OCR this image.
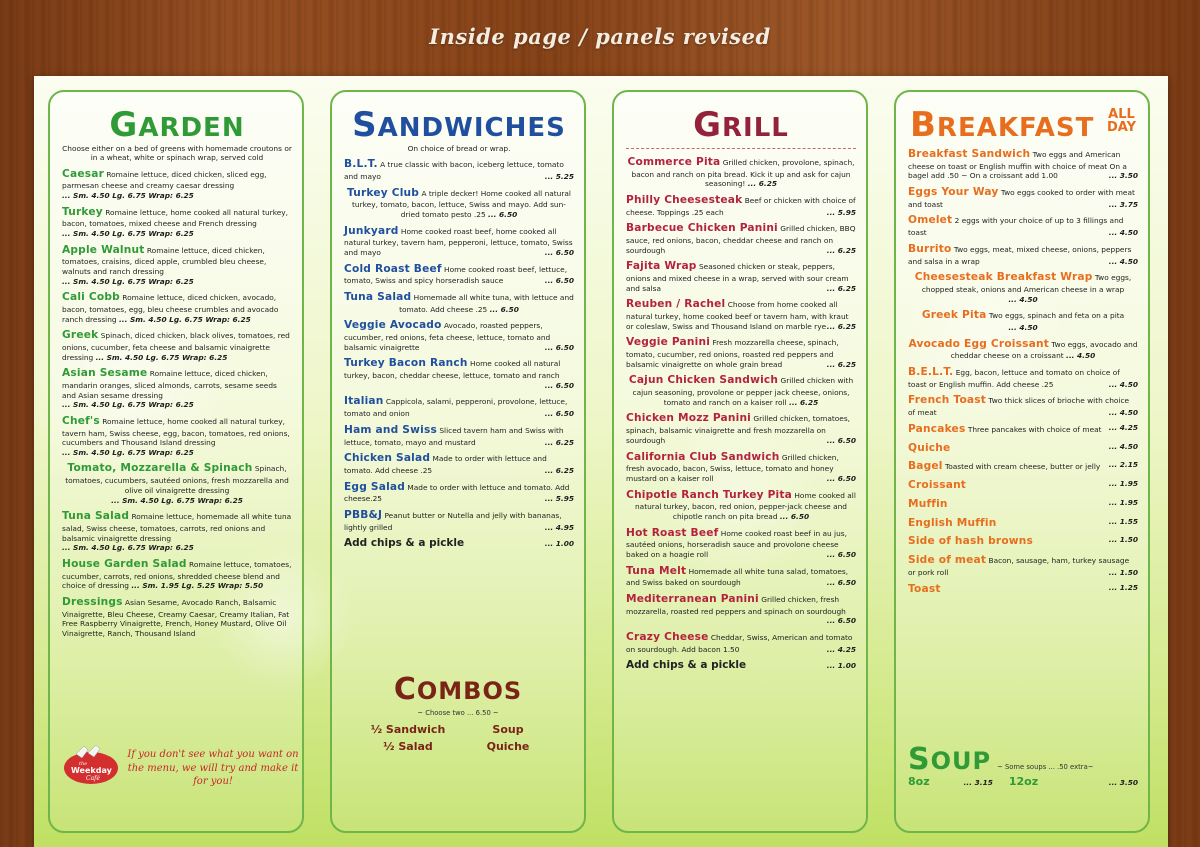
Inside page / panels revised
GARDEN
Choose either on a bed of greens with homemade croutons or in a wheat, white or spinach wrap, served cold
Caesar Romaine lettuce, diced chicken, sliced egg, parmesan cheese and creamy caesar dressing ... Sm. 4.50 Lg. 6.75 Wrap: 6.25
Turkey Romaine lettuce, home cooked all natural turkey, bacon, tomatoes, mixed cheese and French dressing ... Sm. 4.50 Lg. 6.75 Wrap: 6.25
Apple Walnut Romaine lettuce, diced chicken, tomatoes, craisins, diced apple, crumbled bleu cheese, walnuts and ranch dressing ... Sm. 4.50 Lg. 6.75 Wrap: 6.25
Cali Cobb Romaine lettuce, diced chicken, avocado, bacon, tomatoes, egg, bleu cheese crumbles and avocado ranch dressing ... Sm. 4.50 Lg. 6.75 Wrap: 6.25
Greek Spinach, diced chicken, black olives, tomatoes, red onions, cucumber, feta cheese and balsamic vinaigrette dressing ... Sm. 4.50 Lg. 6.75 Wrap: 6.25
Asian Sesame Romaine lettuce, diced chicken, mandarin oranges, sliced almonds, carrots, sesame seeds and Asian sesame dressing ... Sm. 4.50 Lg. 6.75 Wrap: 6.25
Chef's Romaine lettuce, home cooked all natural turkey, tavern ham, Swiss cheese, egg, bacon, tomatoes, red onions, cucumbers and Thousand Island dressing ... Sm. 4.50 Lg. 6.75 Wrap: 6.25
Tomato, Mozzarella & Spinach Spinach, tomatoes, cucumbers, sautéed onions, fresh mozzarella and olive oil vinaigrette dressing ... Sm. 4.50 Lg. 6.75 Wrap: 6.25
Tuna Salad Romaine lettuce, homemade all white tuna salad, Swiss cheese, tomatoes, carrots, red onions and balsamic vinaigrette dressing ... Sm. 4.50 Lg. 6.75 Wrap: 6.25
House Garden Salad Romaine lettuce, tomatoes, cucumber, carrots, red onions, shredded cheese blend and choice of dressing ... Sm. 1.95 Lg. 5.25 Wrap: 5.50
Dressings Asian Sesame, Avocado Ranch, Balsamic Vinaigrette, Bleu Cheese, Creamy Caesar, Creamy Italian, Fat Free Raspberry Vinaigrette, French, Honey Mustard, Olive Oil Vinaigrette, Ranch, Thousand Island
the
Weekday
Café
If you don't see what you want on the menu, we will try and make it for you!
SANDWICHES
On choice of bread or wrap.
B.L.T. A true classic with bacon, iceberg lettuce, tomato and mayo	... 5.25
Turkey Club A triple decker! Home cooked all natural turkey, tomato, bacon, lettuce, Swiss and mayo. Add sun-dried tomato pesto .25 ... 6.50
Junkyard Home cooked roast beef, home cooked all natural turkey, tavern ham, pepperoni, lettuce, tomato, Swiss and mayo	... 6.50
Cold Roast Beef Home cooked roast beef, lettuce, tomato, Swiss and spicy horseradish sauce	... 6.50
Tuna Salad Homemade all white tuna, with lettuce and tomato. Add cheese .25 ... 6.50
Veggie Avocado Avocado, roasted peppers, cucumber, red onions, feta cheese, lettuce, tomato and balsamic vinaigrette	... 6.50
Turkey Bacon Ranch Home cooked all natural turkey, bacon, cheddar cheese, lettuce, tomato and ranch
... 6.50
Italian Cappicola, salami, pepperoni, provolone, lettuce, tomato and onion	... 6.50
Ham and Swiss Sliced tavern ham and Swiss with lettuce, tomato, mayo and mustard	... 6.25
Chicken Salad Made to order with lettuce and tomato. Add cheese .25	... 6.25
Egg Salad Made to order with lettuce and tomato. Add cheese.25	... 5.95
PBB&J Peanut butter or Nutella and jelly with bananas, lightly grilled	... 4.95
Add chips & a pickle	... 1.00
COMBOS
~ Choose two ... 6.50 ~
½ Sandwich	Soup
½ Salad	Quiche
GRILL
Commerce Pita Grilled chicken, provolone, spinach, bacon and ranch on pita bread. Kick it up and ask for cajun seasoning! ... 6.25
Philly Cheesesteak Beef or chicken with choice of cheese. Toppings .25 each	... 5.95
Barbecue Chicken Panini Grilled chicken, BBQ sauce, red onions, bacon, cheddar cheese and ranch on sourdough	... 6.25
Fajita Wrap Seasoned chicken or steak, peppers, onions and mixed cheese in a wrap, served with sour cream and salsa	... 6.25
Reuben / Rachel Choose from home cooked all natural turkey, home cooked beef or tavern ham, with kraut or coleslaw, Swiss and Thousand Island on marble rye ... 6.25
Veggie Panini Fresh mozzarella cheese, spinach, tomato, cucumber, red onions, roasted red peppers and balsamic vinaigrette on whole grain bread	... 6.25
Cajun Chicken Sandwich Grilled chicken with cajun seasoning, provolone or pepper jack cheese, onions, tomato and ranch on a kaiser roll ... 6.25
Chicken Mozz Panini Grilled chicken, tomatoes, spinach, balsamic vinaigrette and fresh mozzarella on sourdough	... 6.50
California Club Sandwich Grilled chicken, fresh avocado, bacon, Swiss, lettuce, tomato and honey mustard on a kaiser roll	... 6.50
Chipotle Ranch Turkey Pita Home cooked all natural turkey, bacon, red onion, pepper-jack cheese and chipotle ranch on pita bread ... 6.50
Hot Roast Beef Home cooked roast beef in au jus, sautéed onions, horseradish sauce and provolone cheese baked on a hoagie roll	... 6.50
Tuna Melt Homemade all white tuna salad, tomatoes, and Swiss baked on sourdough	... 6.50
Mediterranean Panini Grilled chicken, fresh mozzarella, roasted red peppers and spinach on sourdough
... 6.50
Crazy Cheese Cheddar, Swiss, American and tomato on sourdough. Add bacon 1.50	... 4.25
Add chips & a pickle	... 1.00
BREAKFAST	ALL
DAY
Breakfast Sandwich Two eggs and American cheese on toast or English muffin with choice of meat On a bagel add .50 ~ On a croissant add 1.00	... 3.50
Eggs Your Way Two eggs cooked to order with meat and toast	... 3.75
Omelet 2 eggs with your choice of up to 3 fillings and toast	... 4.50
Burrito Two eggs, meat, mixed cheese, onions, peppers and salsa in a wrap	... 4.50
Cheesesteak Breakfast Wrap Two eggs, chopped steak, onions and American cheese in a wrap ... 4.50
Greek Pita Two eggs, spinach and feta on a pita ... 4.50
Avocado Egg Croissant Two eggs, avocado and cheddar cheese on a croissant ... 4.50
B.E.L.T. Egg, bacon, lettuce and tomato on choice of toast or English muffin. Add cheese .25	... 4.50
French Toast Two thick slices of brioche with choice of meat	... 4.50
Pancakes Three pancakes with choice of meat ... 4.25
Quiche	... 4.50
Bagel Toasted with cream cheese, butter or jelly ... 2.15
Croissant	... 1.95
Muffin	... 1.95
English Muffin	... 1.55
Side of hash browns	... 1.50
Side of meat Bacon, sausage, ham, turkey sausage or pork roll	... 1.50
Toast	... 1.25
SOUP ~ Some soups ... .50 extra~
8oz	... 3.15 12oz	... 3.50
